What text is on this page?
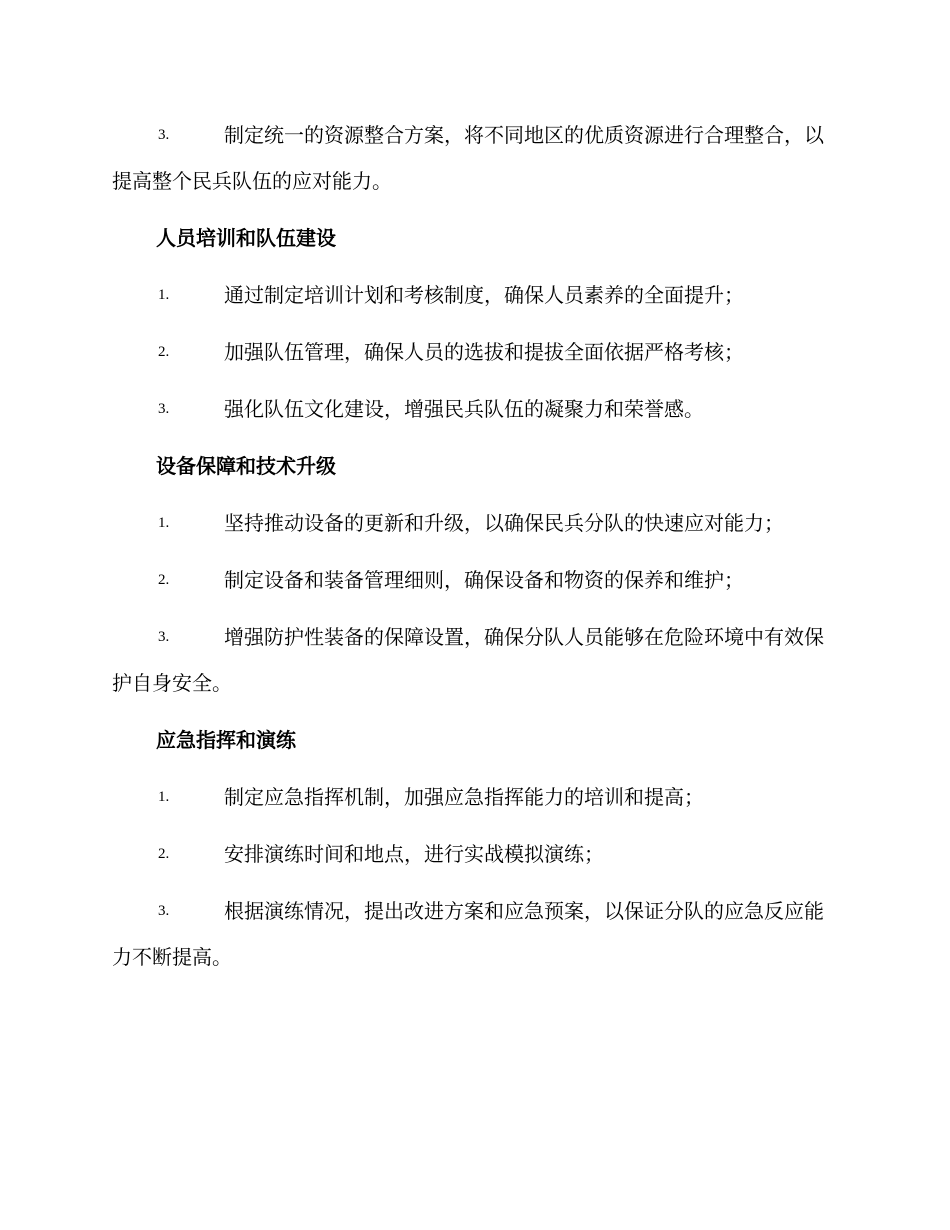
3.	制定统一的资源整合方案，将不同地区的优质资源进行合理整合，以提高整个民兵队伍的应对能力。
人员培训和队伍建设
1.	通过制定培训计划和考核制度，确保人员素养的全面提升；
2.	加强队伍管理，确保人员的选拔和提拔全面依据严格考核；
3.	强化队伍文化建设，增强民兵队伍的凝聚力和荣誉感。
设备保障和技术升级
1.	坚持推动设备的更新和升级，以确保民兵分队的快速应对能力；
2.	制定设备和装备管理细则，确保设备和物资的保养和维护；
3.	增强防护性装备的保障设置，确保分队人员能够在危险环境中有效保护自身安全。
应急指挥和演练
1.	制定应急指挥机制，加强应急指挥能力的培训和提高；
2.	安排演练时间和地点，进行实战模拟演练；
3.	根据演练情况，提出改进方案和应急预案，以保证分队的应急反应能力不断提高。
